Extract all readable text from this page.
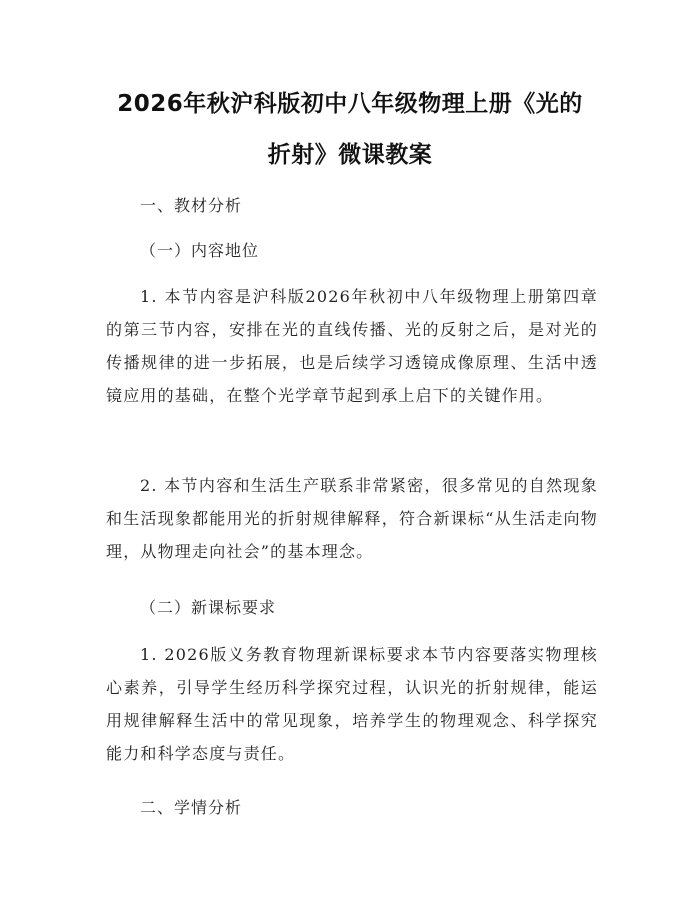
2026年秋沪科版初中八年级物理上册《光的
折射》微课教案
一、教材分析
（一）内容地位

1. 本节内容是沪科版2026年秋初中八年级物理上册第四章的第三节内容，安排在光的直线传播、光的反射之后，是对光的传播规律的进一步拓展，也是后续学习透镜成像原理、生活中透镜应用的基础，在整个光学章节起到承上启下的关键作用。

2. 本节内容和生活生产联系非常紧密，很多常见的自然现象和生活现象都能用光的折射规律解释，符合新课标“从生活走向物理，从物理走向社会”的基本理念。

（二）新课标要求

1. 2026版义务教育物理新课标要求本节内容要落实物理核心素养，引导学生经历科学探究过程，认识光的折射规律，能运用规律解释生活中的常见现象，培养学生的物理观念、科学探究能力和科学态度与责任。

二、学情分析
